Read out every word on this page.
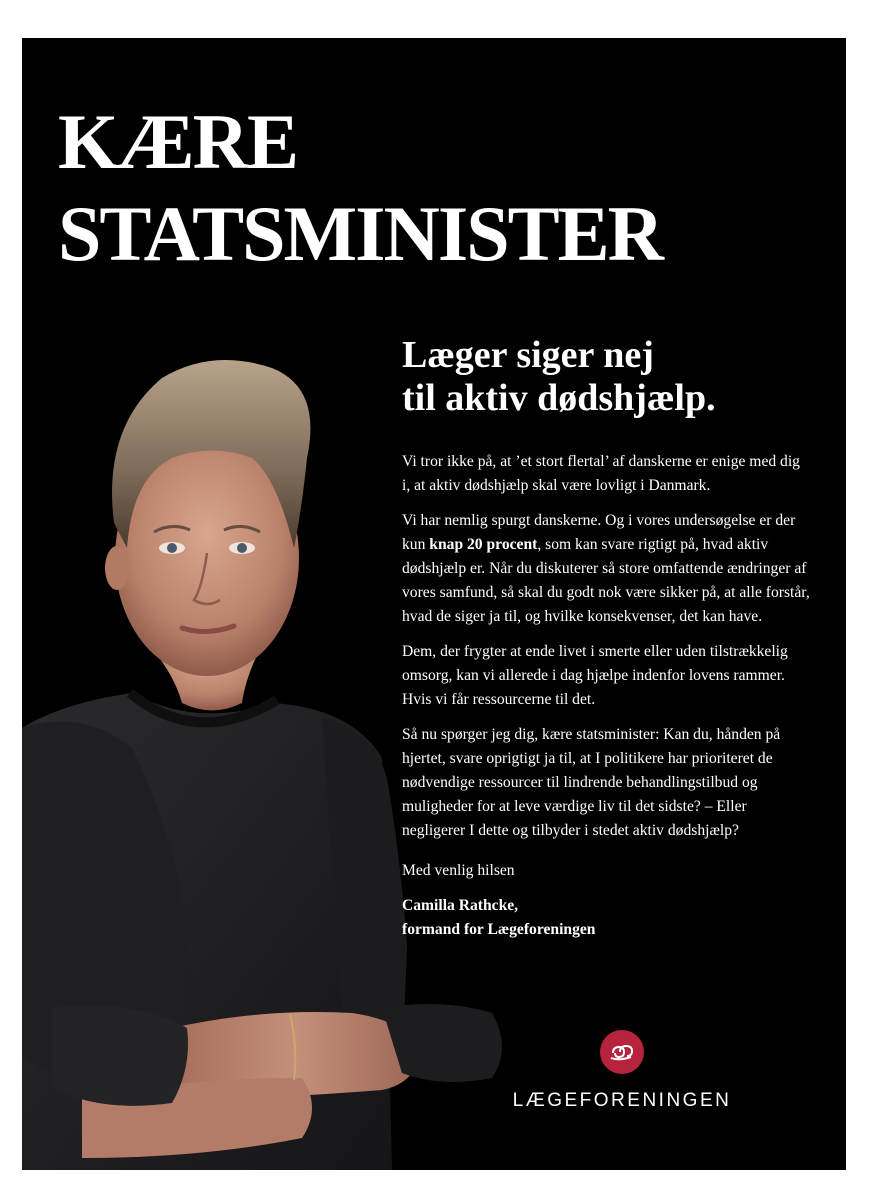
KÆRE
STATSMINISTER
Læger siger nej
til aktiv dødshjælp.

Vi tror ikke på, at ’et stort flertal’ af danskerne er enige med dig i, at aktiv dødshjælp skal være lovligt i Danmark.

Vi har nemlig spurgt danskerne. Og i vores undersøgelse er der kun knap 20 procent, som kan svare rigtigt på, hvad aktiv dødshjælp er. Når du diskuterer så store omfattende ændringer af vores samfund, så skal du godt nok være sikker på, at alle forstår, hvad de siger ja til, og hvilke konsekvenser, det kan have.

Dem, der frygter at ende livet i smerte eller uden tilstrækkelig omsorg, kan vi allerede i dag hjælpe indenfor lovens rammer. Hvis vi får ressourcerne til det.

Så nu spørger jeg dig, kære statsminister: Kan du, hånden på hjertet, svare oprigtigt ja til, at I politikere har prioriteret de nødvendige ressourcer til lindrende behandlingstilbud og muligheder for at leve værdige liv til det sidste? – Eller negligerer I dette og tilbyder i stedet aktiv dødshjælp?

Med venlig hilsen

Camilla Rathcke,
formand for Lægeforeningen

LÆGEFORENINGEN
